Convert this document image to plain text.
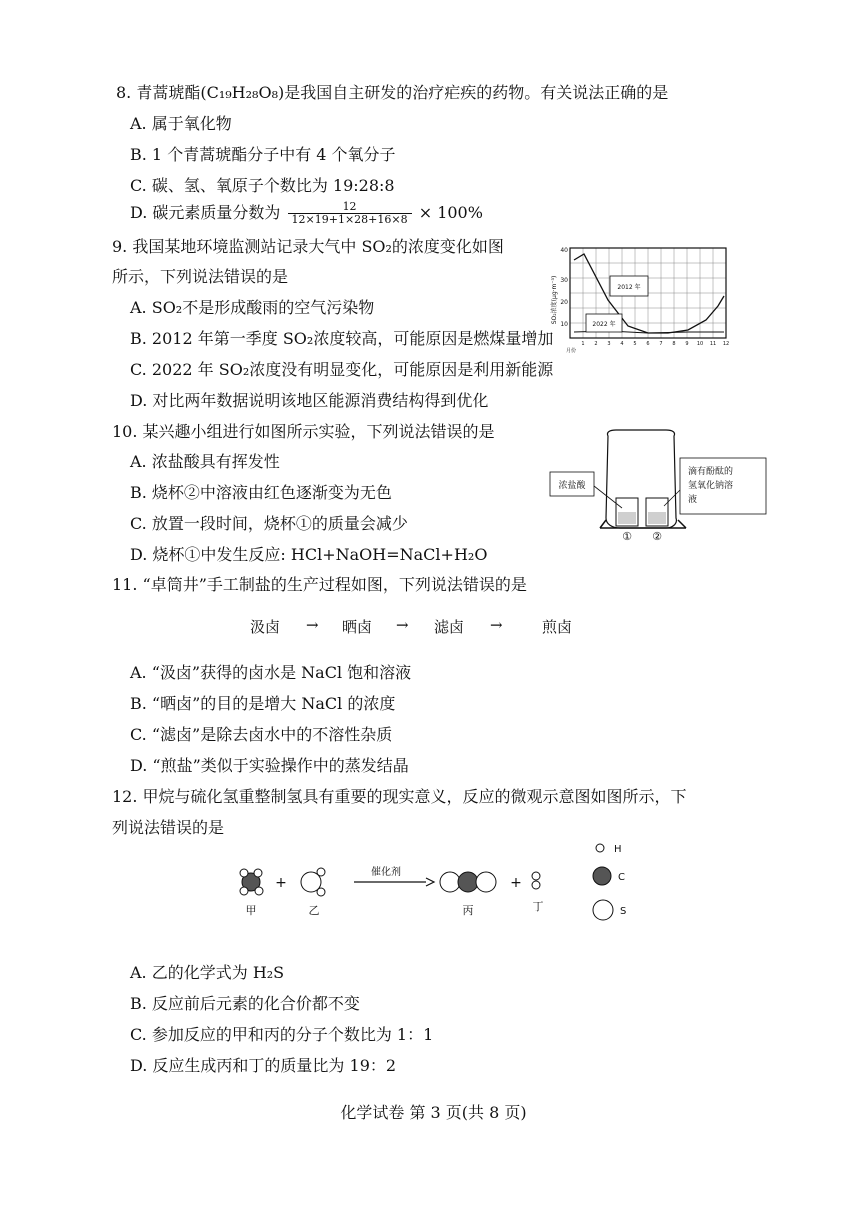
8. 青蒿琥酯(C₁₉H₂₈O₈)是我国自主研发的治疗疟疾的药物。有关说法正确的是
A. 属于氧化物
B. 1 个青蒿琥酯分子中有 4 个氧分子
C. 碳、氢、氧原子个数比为 19:28:8
D. 碳元素质量分数为 $\frac{12}{12\times 19+1\times 28+16\times 8} \times 100\%$
9. 我国某地环境监测站记录大气中 SO₂的浓度变化如图
所示，下列说法错误的是
A. SO₂不是形成酸雨的空气污染物
B. 2012 年第一季度 SO₂浓度较高，可能原因是燃煤量增加
C. 2022 年 SO₂浓度没有明显变化，可能原因是利用新能源
D. 对比两年数据说明该地区能源消费结构得到优化
10
20
30
40
SO₂浓度(μg·m⁻³)
1 2 3 4 5 6 7 8 9 10 11 12
月份
2012 年
2022 年
10. 某兴趣小组进行如图所示实验，下列说法错误的是
A. 浓盐酸具有挥发性
B. 烧杯②中溶液由红色逐渐变为无色
C. 放置一段时间，烧杯①的质量会减少
D. 烧杯①中发生反应: HCl+NaOH=NaCl+H₂O
① ②
浓盐酸
滴有酚酞的
氢氧化钠溶
液
11. “卓筒井”手工制盐的生产过程如图，下列说法错误的是
汲卤 → 晒卤 → 滤卤 →	煎卤
A. “汲卤”获得的卤水是 NaCl 饱和溶液
B. “晒卤”的目的是增大 NaCl 的浓度
C. “滤卤”是除去卤水中的不溶性杂质
D. “煎盐”类似于实验操作中的蒸发结晶
12. 甲烷与硫化氢重整制氢具有重要的现实意义，反应的微观示意图如图所示，下
列说法错误的是
甲
+
乙
催化剂
丙
+
丁
H
C
S
A. 乙的化学式为 H₂S
B. 反应前后元素的化合价都不变
C. 参加反应的甲和丙的分子个数比为 1：1
D. 反应生成丙和丁的质量比为 19：2
化学试卷 第 3 页(共 8 页)
